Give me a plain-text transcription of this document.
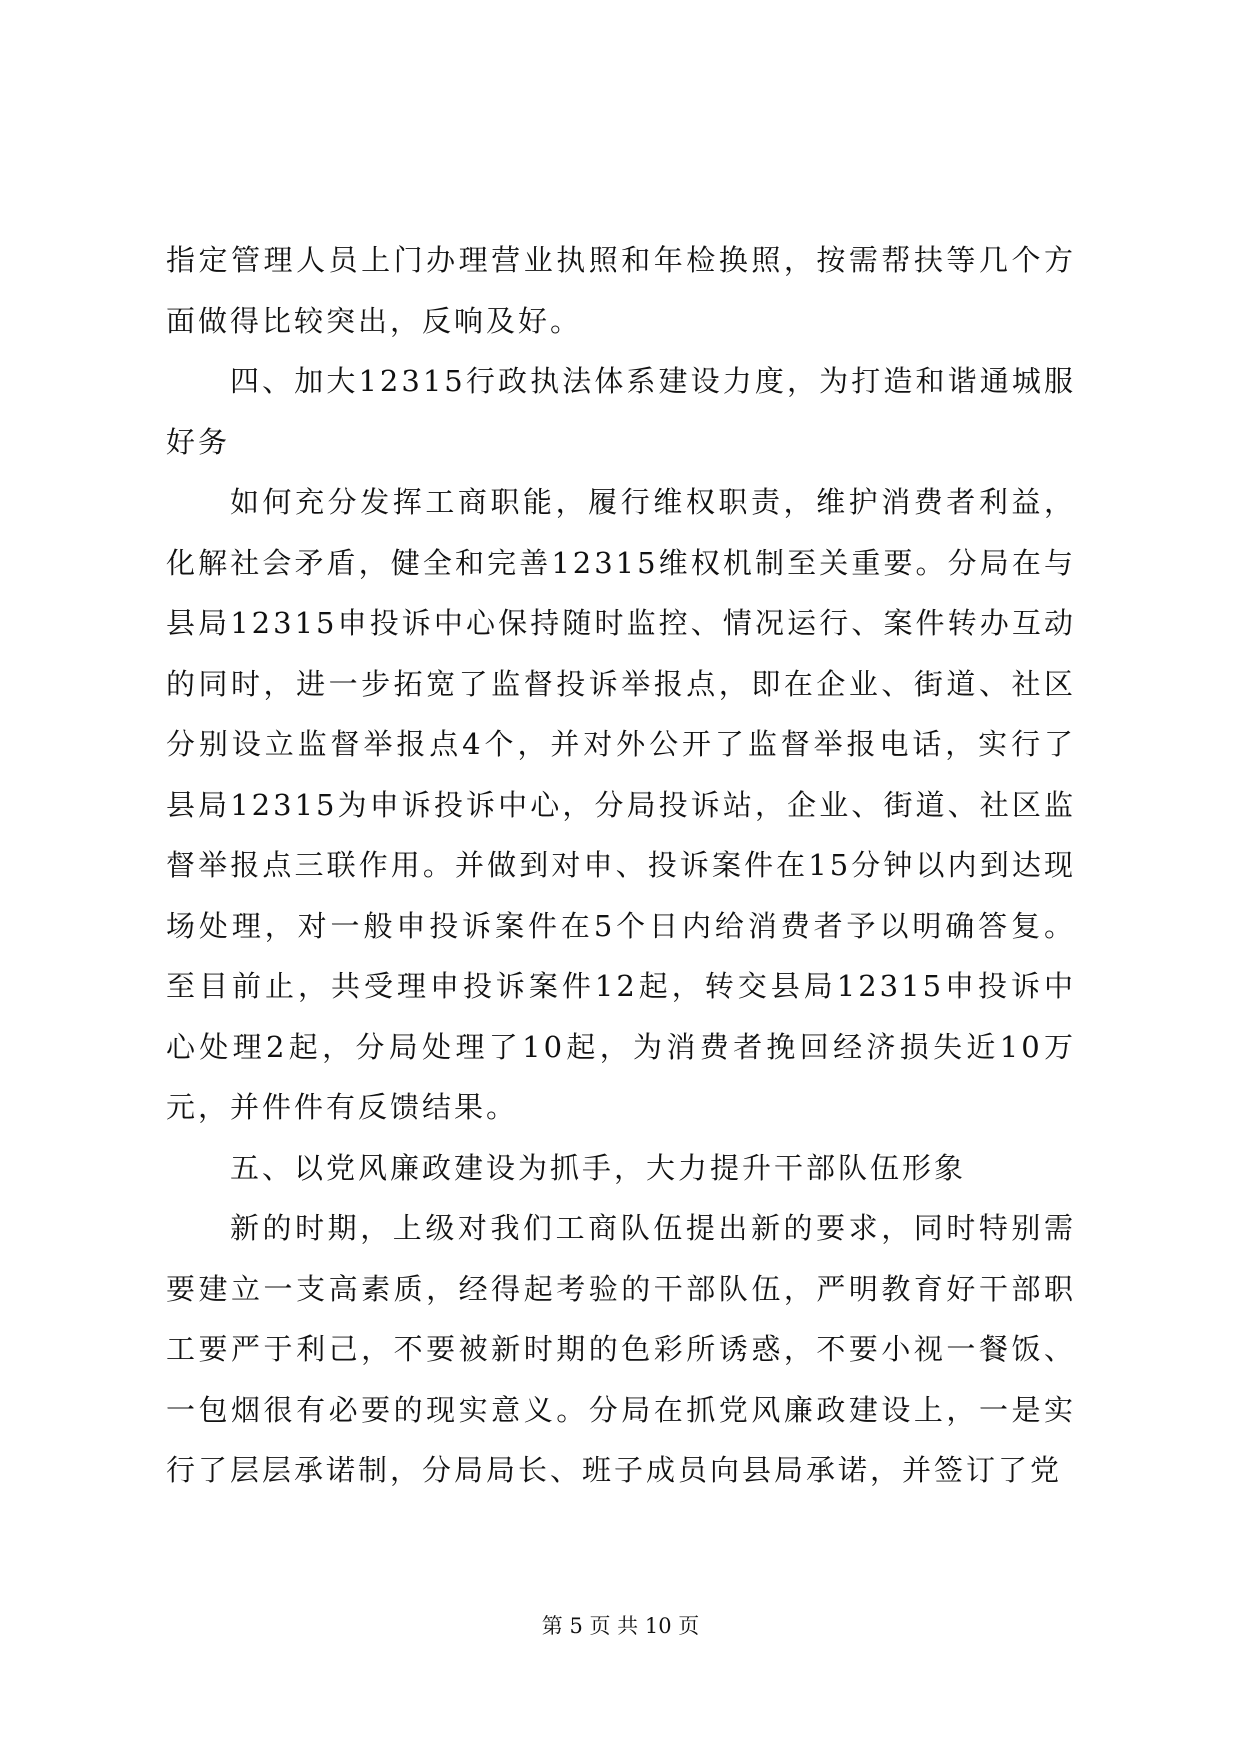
指定管理人员上门办理营业执照和年检换照，按需帮扶等几个方面做得比较突出，反响及好。

四、加大12315行政执法体系建设力度，为打造和谐通城服好务

如何充分发挥工商职能，履行维权职责，维护消费者利益，化解社会矛盾，健全和完善12315维权机制至关重要。分局在与县局12315申投诉中心保持随时监控、情况运行、案件转办互动的同时，进一步拓宽了监督投诉举报点，即在企业、街道、社区分别设立监督举报点4个，并对外公开了监督举报电话，实行了县局12315为申诉投诉中心，分局投诉站，企业、街道、社区监督举报点三联作用。并做到对申、投诉案件在15分钟以内到达现场处理，对一般申投诉案件在5个日内给消费者予以明确答复。至目前止，共受理申投诉案件12起，转交县局12315申投诉中心处理2起，分局处理了10起，为消费者挽回经济损失近10万元，并件件有反馈结果。

五、以党风廉政建设为抓手，大力提升干部队伍形象

新的时期，上级对我们工商队伍提出新的要求，同时特别需要建立一支高素质，经得起考验的干部队伍，严明教育好干部职工要严于利己，不要被新时期的色彩所诱惑，不要小视一餐饭、一包烟很有必要的现实意义。分局在抓党风廉政建设上，一是实行了层层承诺制，分局局长、班子成员向县局承诺，并签订了党

第 5 页 共 10 页
